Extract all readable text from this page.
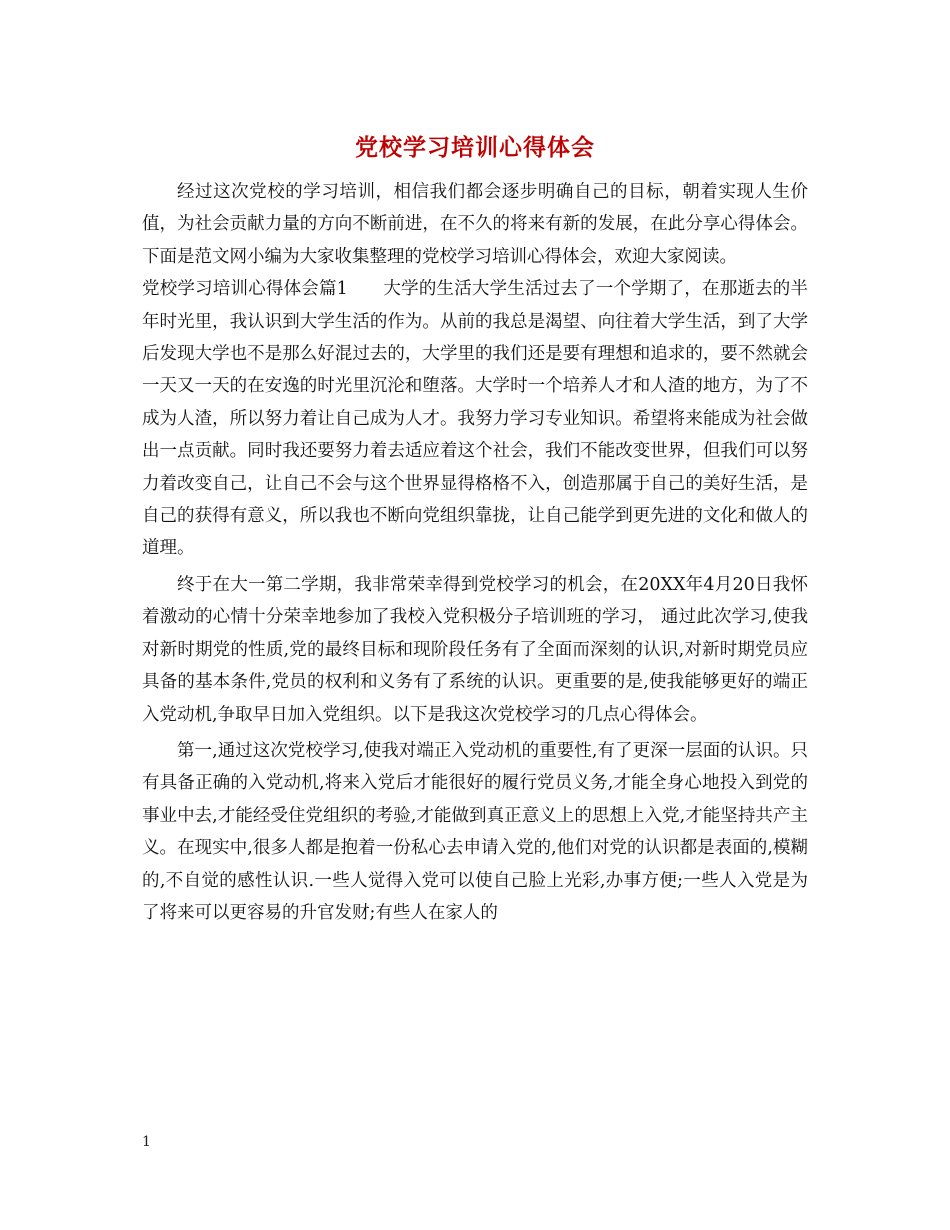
党校学习培训心得体会

经过这次党校的学习培训，相信我们都会逐步明确自己的目标，朝着实现人生价值，为社会贡献力量的方向不断前进，在不久的将来有新的发展，在此分享心得体会。下面是范文网小编为大家收集整理的党校学习培训心得体会，欢迎大家阅读。

党校学习培训心得体会篇1　　大学的生活大学生活过去了一个学期了，在那逝去的半年时光里，我认识到大学生活的作为。从前的我总是渴望、向往着大学生活，到了大学后发现大学也不是那么好混过去的，大学里的我们还是要有理想和追求的，要不然就会一天又一天的在安逸的时光里沉沦和堕落。大学时一个培养人才和人渣的地方，为了不成为人渣，所以努力着让自己成为人才。我努力学习专业知识。希望将来能成为社会做出一点贡献。同时我还要努力着去适应着这个社会，我们不能改变世界，但我们可以努力着改变自己，让自己不会与这个世界显得格格不入，创造那属于自己的美好生活，是自己的获得有意义，所以我也不断向党组织靠拢，让自己能学到更先进的文化和做人的道理。

终于在大一第二学期，我非常荣幸得到党校学习的机会，在20XX年4月20日我怀着激动的心情十分荣幸地参加了我校入党积极分子培训班的学习， 通过此次学习,使我对新时期党的性质,党的最终目标和现阶段任务有了全面而深刻的认识,对新时期党员应具备的基本条件,党员的权利和义务有了系统的认识。更重要的是,使我能够更好的端正入党动机,争取早日加入党组织。以下是我这次党校学习的几点心得体会。

第一,通过这次党校学习,使我对端正入党动机的重要性,有了更深一层面的认识。只有具备正确的入党动机,将来入党后才能很好的履行党员义务,才能全身心地投入到党的事业中去,才能经受住党组织的考验,才能做到真正意义上的思想上入党,才能坚持共产主义。在现实中,很多人都是抱着一份私心去申请入党的,他们对党的认识都是表面的,模糊的,不自觉的感性认识.一些人觉得入党可以使自己脸上光彩,办事方便;一些人入党是为了将来可以更容易的升官发财;有些人在家人的

1
